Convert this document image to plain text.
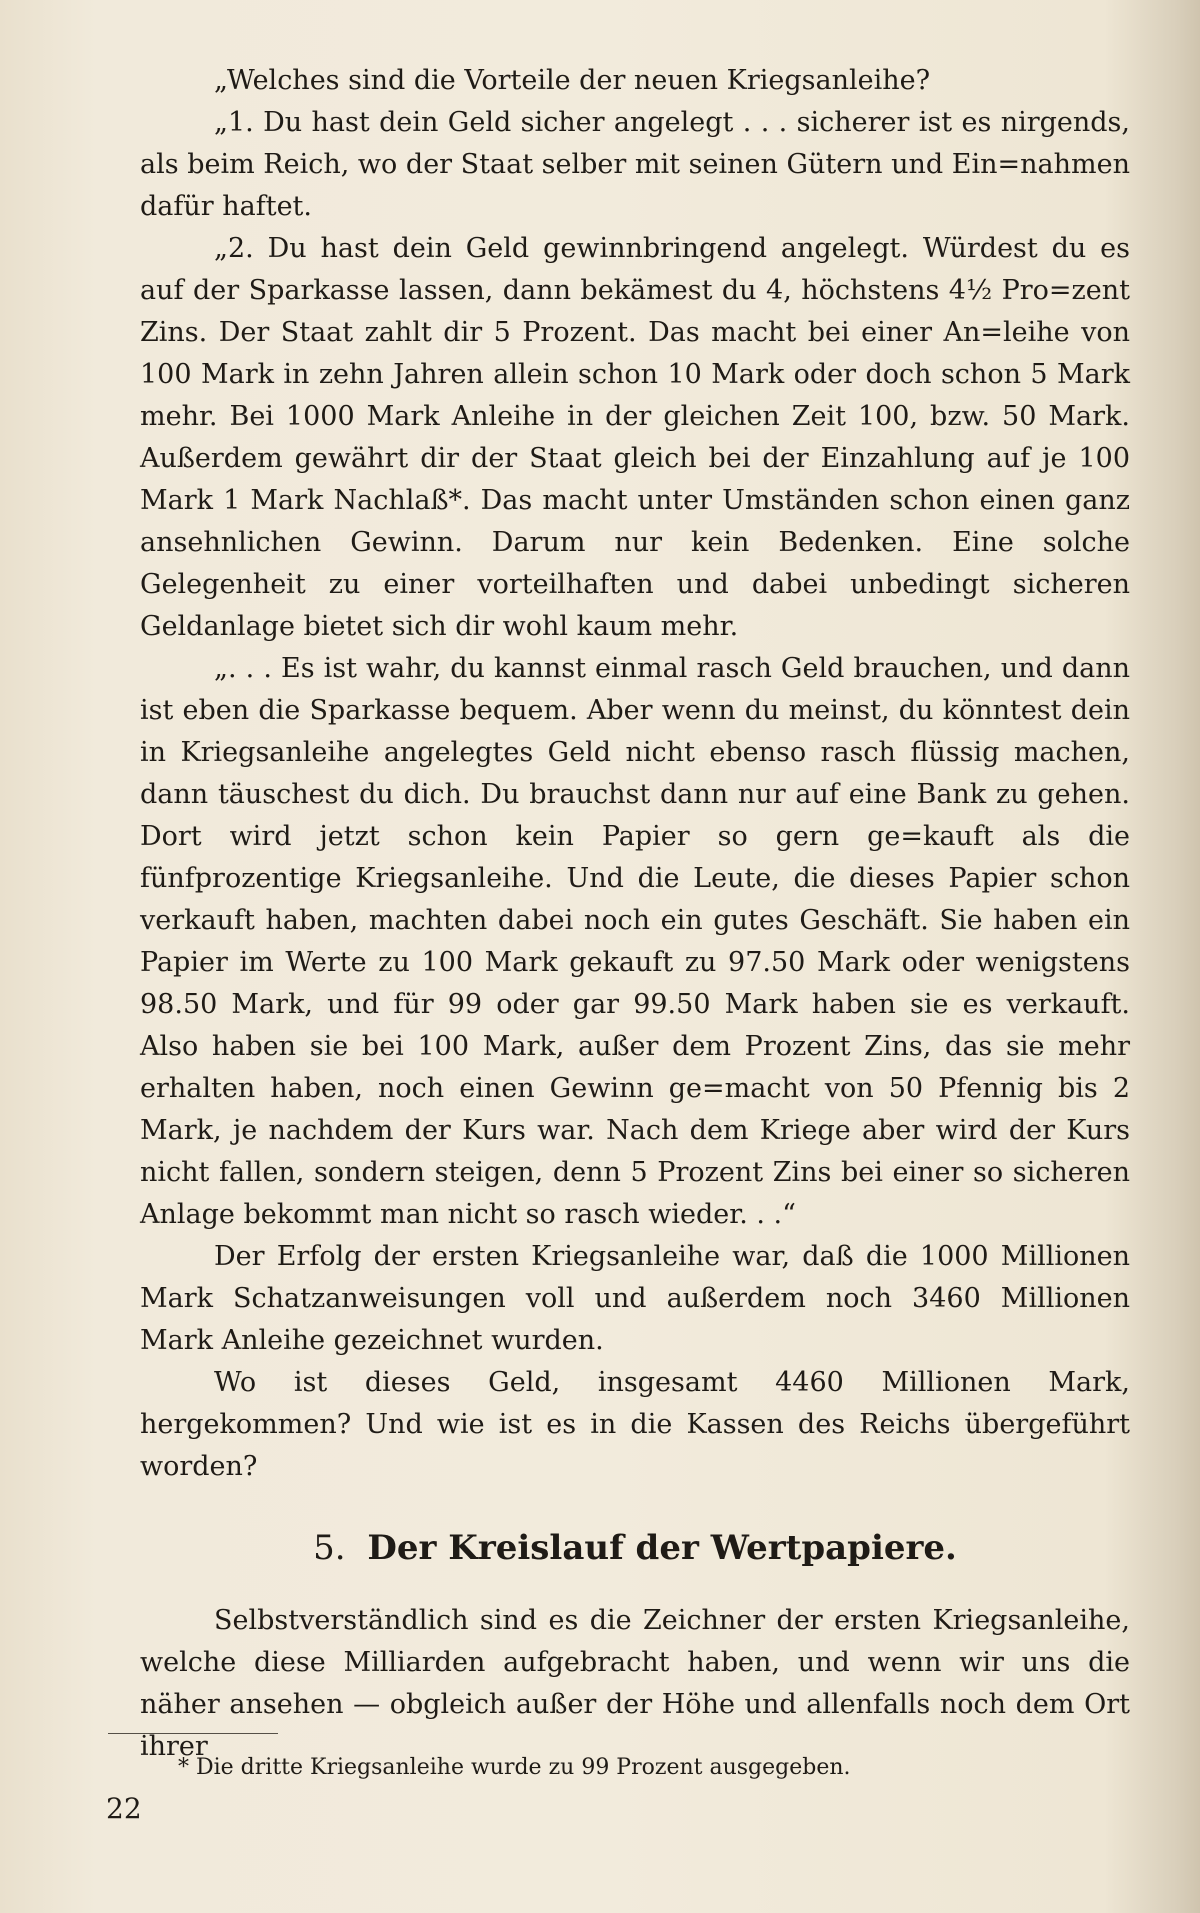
„Welches sind die Vorteile der neuen Kriegsanleihe?

„1. Du hast dein Geld sicher angelegt . . . sicherer ist es nirgends, als beim Reich, wo der Staat selber mit seinen Gütern und Ein=nahmen dafür haftet.

„2. Du hast dein Geld gewinnbringend angelegt. Würdest du es auf der Sparkasse lassen, dann bekämest du 4, höchstens 4½ Pro=zent Zins. Der Staat zahlt dir 5 Prozent. Das macht bei einer An=leihe von 100 Mark in zehn Jahren allein schon 10 Mark oder doch schon 5 Mark mehr. Bei 1000 Mark Anleihe in der gleichen Zeit 100, bzw. 50 Mark. Außerdem gewährt dir der Staat gleich bei der Einzahlung auf je 100 Mark 1 Mark Nachlaß*. Das macht unter Umständen schon einen ganz ansehnlichen Gewinn. Darum nur kein Bedenken. Eine solche Gelegenheit zu einer vorteilhaften und dabei unbedingt sicheren Geldanlage bietet sich dir wohl kaum mehr.

„. . . Es ist wahr, du kannst einmal rasch Geld brauchen, und dann ist eben die Sparkasse bequem. Aber wenn du meinst, du könntest dein in Kriegsanleihe angelegtes Geld nicht ebenso rasch flüssig machen, dann täuschest du dich. Du brauchst dann nur auf eine Bank zu gehen. Dort wird jetzt schon kein Papier so gern ge=kauft als die fünfprozentige Kriegsanleihe. Und die Leute, die dieses Papier schon verkauft haben, machten dabei noch ein gutes Geschäft. Sie haben ein Papier im Werte zu 100 Mark gekauft zu 97.50 Mark oder wenigstens 98.50 Mark, und für 99 oder gar 99.50 Mark haben sie es verkauft. Also haben sie bei 100 Mark, außer dem Prozent Zins, das sie mehr erhalten haben, noch einen Gewinn ge=macht von 50 Pfennig bis 2 Mark, je nachdem der Kurs war. Nach dem Kriege aber wird der Kurs nicht fallen, sondern steigen, denn 5 Prozent Zins bei einer so sicheren Anlage bekommt man nicht so rasch wieder. . .“

Der Erfolg der ersten Kriegsanleihe war, daß die 1000 Millionen Mark Schatzanweisungen voll und außerdem noch 3460 Millionen Mark Anleihe gezeichnet wurden.

Wo ist dieses Geld, insgesamt 4460 Millionen Mark, hergekommen? Und wie ist es in die Kassen des Reichs übergeführt worden?

5. Der Kreislauf der Wertpapiere.

Selbstverständlich sind es die Zeichner der ersten Kriegsanleihe, welche diese Milliarden aufgebracht haben, und wenn wir uns die näher ansehen — obgleich außer der Höhe und allenfalls noch dem Ort ihrer

* Die dritte Kriegsanleihe wurde zu 99 Prozent ausgegeben.
22
